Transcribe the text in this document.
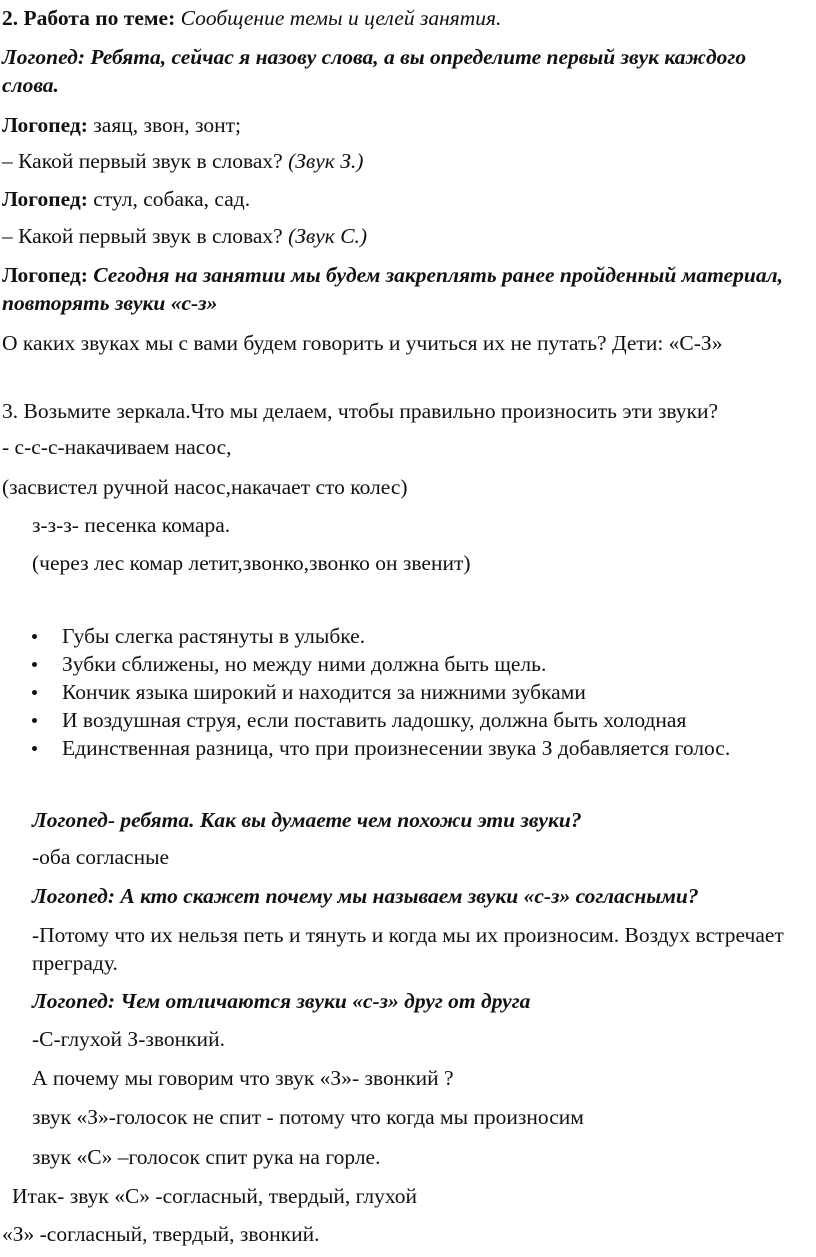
2. Работа по теме: Сообщение темы и целей занятия.
Логопед: Ребята, сейчас я назову слова, а вы определите первый звук каждого слова.
Логопед: заяц, звон, зонт;
– Какой первый звук в словах? (Звук З.)
Логопед: стул, собака, сад.
– Какой первый звук в словах? (Звук С.)
Логопед: Сегодня на занятии мы будем закреплять ранее пройденный материал, повторять звуки «с-з»
О каких звуках мы с вами будем говорить и учиться их не путать? Дети: «С-З»
3. Возьмите зеркала.Что мы делаем, чтобы правильно произносить эти звуки?
- с-с-с-накачиваем насос,
(засвистел ручной насос,накачает сто колес)
з-з-з- песенка комара.
(через лес комар летит,звонко,звонко он звенит)
Губы слегка растянуты в улыбке.
Зубки сближены, но между ними должна быть щель.
Кончик языка широкий и находится за нижними зубками
И воздушная струя, если поставить ладошку, должна быть холодная
Единственная разница, что при произнесении звука З добавляется голос.
Логопед- ребята. Как вы думаете чем похожи эти звуки?
-оба согласные
Логопед: А кто скажет почему мы называем звуки «с-з» согласными?
-Потому что их нельзя петь и тянуть и когда мы их произносим. Воздух встречает преграду.
Логопед: Чем отличаются звуки «с-з» друг от друга
-С-глухой З-звонкий.
А почему мы говорим что звук «З»- звонкий ?
звук «З»-голосок не спит - потому что когда мы произносим
звук «С» –голосок спит рука на горле.
Итак- звук «С» -согласный, твердый, глухой
«З» -согласный, твердый, звонкий.
